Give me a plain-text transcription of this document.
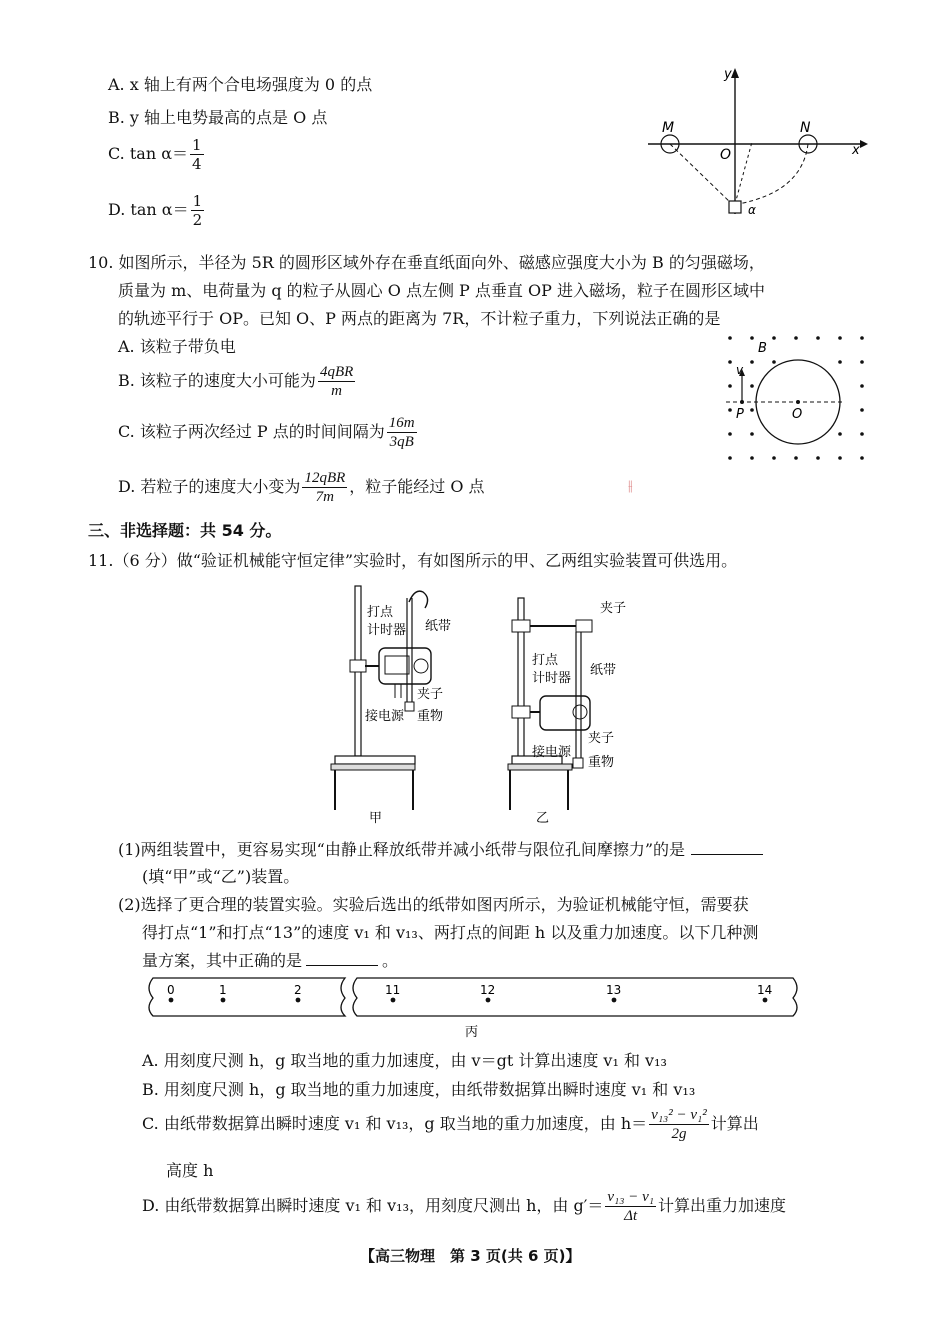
A. x 轴上有两个合电场强度为 0 的点
B. y 轴上电势最高的点是 O 点
C. $\tan \alpha= \frac{1}{4}$
D. $\tan \alpha= \frac{1}{2}$
M	N
O
y
x
α
10. 如图所示，半径为 5R 的圆形区域外存在垂直纸面向外、磁感应强度大小为 B 的匀强磁场，
质量为 m、电荷量为 q 的粒子从圆心 O 点左侧 P 点垂直 OP 进入磁场，粒子在圆形区域中
的轨迹平行于 OP。已知 O、P 两点的距离为 7R，不计粒子重力，下列说法正确的是
A. 该粒子带负电
B. 该粒子的速度大小可能为 $\frac{\text{4qBR}}{m}$
C. 该粒子两次经过 P 点的时间间隔为 $\frac{16m}{3qB}$
D. 若粒子的速度大小变为 $\frac{\text{12qBR}}{7m}$ ，粒子能经过 O 点
B
v
P	O
⫲
三、非选择题：共 54 分。
11.（6 分）做“验证机械能守恒定律”实验时，有如图所示的甲、乙两组实验装置可供选用。
打点
计时器 纸带
夹子
接电源 重物
甲
夹子
打点
计时器
纸带
夹子
接电源
重物
乙
(1)两组装置中，更容易实现“由静止释放纸带并减小纸带与限位孔间摩擦力”的是
(填“甲”或“乙”)装置。
(2)选择了更合理的装置实验。实验后选出的纸带如图丙所示，为验证机械能守恒，需要获
得打点“1”和打点“13”的速度 v₁ 和 v₁₃、两打点的间距 h 以及重力加速度。以下几种测
量方案，其中正确的是	。
0	1	2	11	12	13	14
丙
A. 用刻度尺测 h，g 取当地的重力加速度，由 v＝gt 计算出速度 v₁ 和 v₁₃
B. 用刻度尺测 h，g 取当地的重力加速度，由纸带数据算出瞬时速度 v₁ 和 v₁₃
C. 由纸带数据算出瞬时速度 v₁ 和 v₁₃，g 取当地的重力加速度，由 $h= \frac{\text{v₁₃² − v₁²}}{2g}$ 计算出
高度 h
D. 由纸带数据算出瞬时速度 v₁ 和 v₁₃，用刻度尺测出 h，由 $g'= \frac{\text{v₁₃ − v₁}}{\Delta t}$ 计算出重力加速度
【高三物理　第 3 页(共 6 页)】
